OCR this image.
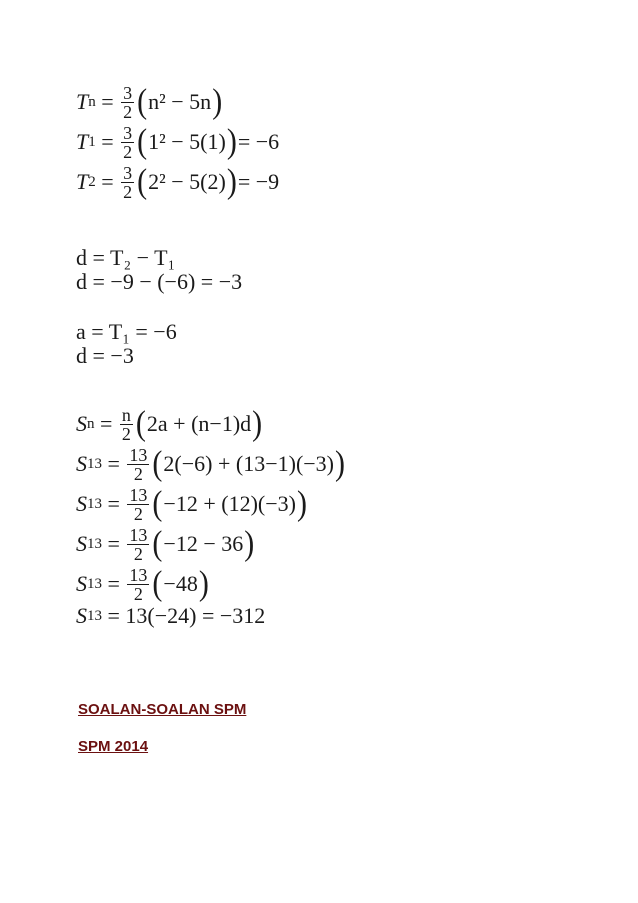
T $n = \frac{3}{2}$ ( n² − 5n )
T $1 = \frac{3}{2}$ ( 1² − 5(1) ) = −6
T $2 = \frac{3}{2}$ ( 2² − 5(2) ) = −9
d = T₂ − T₁
d = −9 − (−6) = −3
a = T₁ = −6
d = −3
S $n = \frac{n}{2}$ ( 2a + (n−1)d )
S $13 = \frac{13}{2}$ ( 2(−6) + (13−1)(−3) )
S $13 = \frac{13}{2}$ ( −12 + (12)(−3) )
S $13 = \frac{13}{2}$ ( −12 − 36 )
S $13 = \frac{13}{2}$ ( −48 )
S 13
= 13(−24) = −312
SOALAN-SOALAN SPM
SPM 2014
